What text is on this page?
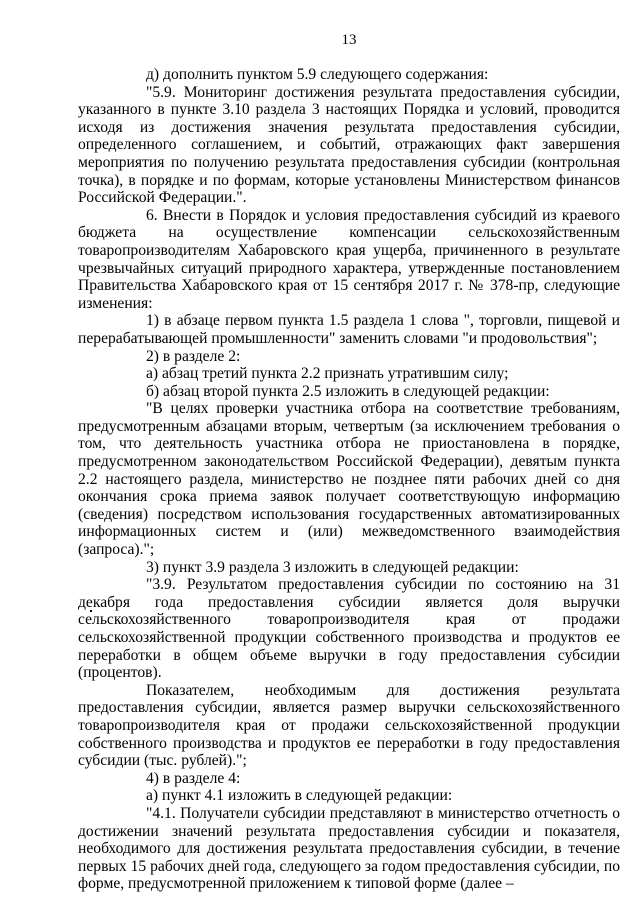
13

д) дополнить пунктом 5.9 следующего содержания:

"5.9. Мониторинг достижения результата предоставления субсидии, указанного в пункте 3.10 раздела 3 настоящих Порядка и условий, проводится исходя из достижения значения результата предоставления субсидии, определенного соглашением, и событий, отражающих факт завершения мероприятия по получению результата предоставления субсидии (контрольная точка), в порядке и по формам, которые установлены Министерством финансов Российской Федерации.".

6. Внести в Порядок и условия предоставления субсидий из краевого бюджета на осуществление компенсации сельскохозяйственным товаропроизводителям Хабаровского края ущерба, причиненного в результате чрезвычайных ситуаций природного характера, утвержденные постановлением Правительства Хабаровского края от 15 сентября 2017 г. № 378-пр, следующие изменения:

1) в абзаце первом пункта 1.5 раздела 1 слова ", торговли, пищевой и перерабатывающей промышленности" заменить словами "и продовольствия";

2) в разделе 2:

а) абзац третий пункта 2.2 признать утратившим силу;

б) абзац второй пункта 2.5 изложить в следующей редакции:

"В целях проверки участника отбора на соответствие требованиям, предусмотренным абзацами вторым, четвертым (за исключением требования о том, что деятельность участника отбора не приостановлена в порядке, предусмотренном законодательством Российской Федерации), девятым пункта 2.2 настоящего раздела, министерство не позднее пяти рабочих дней со дня окончания срока приема заявок получает соответствующую информацию (сведения) посредством использования государственных автоматизированных информационных систем и (или) межведомственного взаимодействия (запроса).";

3) пункт 3.9 раздела 3 изложить в следующей редакции:

"3.9. Результатом предоставления субсидии по состоянию на 31 декабря года предоставления субсидии является доля выручки сельскохозяйственного товаропроизводителя края от продажи сельскохозяйственной продукции собственного производства и продуктов ее переработки в общем объеме выручки в году предоставления субсидии (процентов).

Показателем, необходимым для достижения результата предоставления субсидии, является размер выручки сельскохозяйственного товаропроизводителя края от продажи сельскохозяйственной продукции собственного производства и продуктов ее переработки в году предоставления субсидии (тыс. рублей).";

4) в разделе 4:

а) пункт 4.1 изложить в следующей редакции:

"4.1. Получатели субсидии представляют в министерство отчетность о достижении значений результата предоставления субсидии и показателя, необходимого для достижения результата предоставления субсидии, в течение первых 15 рабочих дней года, следующего за годом предоставления субсидии, по форме, предусмотренной приложением к типовой форме (далее –
